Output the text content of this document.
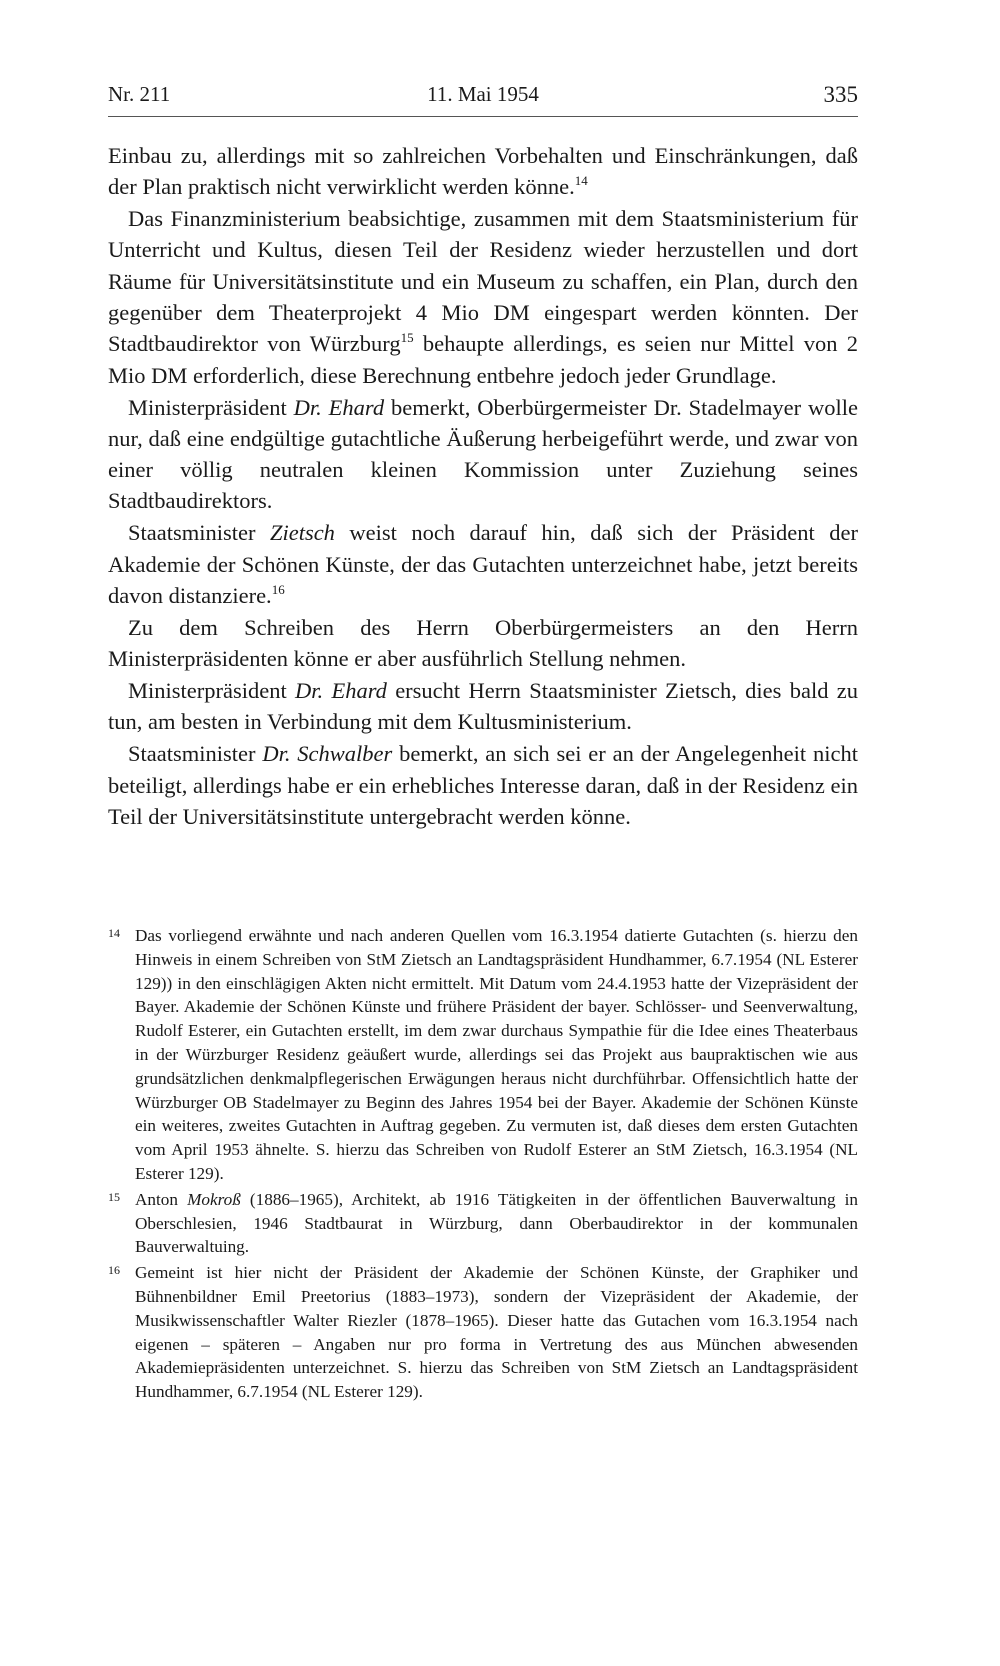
Nr. 211	11. Mai 1954	335

Einbau zu, allerdings mit so zahlreichen Vorbehalten und Einschränkungen, daß der Plan praktisch nicht verwirklicht werden könne.$^{14}$

Das Finanzministerium beabsichtige, zusammen mit dem Staatsministerium für Unterricht und Kultus, diesen Teil der Residenz wieder herzustellen und dort Räume für Universitätsinstitute und ein Museum zu schaffen, ein Plan, durch den gegenüber dem Theaterprojekt 4 Mio DM eingespart werden könnten. Der Stadtbaudirektor von Würzburg$^{15}$ behaupte allerdings, es seien nur Mittel von 2 Mio DM erforderlich, diese Berechnung entbehre jedoch jeder Grundlage.

Ministerpräsident Dr. Ehard bemerkt, Oberbürgermeister Dr. Stadelmayer wolle nur, daß eine endgültige gutachtliche Äußerung herbeigeführt werde, und zwar von einer völlig neutralen kleinen Kommission unter Zuziehung seines Stadtbaudirektors.

Staatsminister Zietsch weist noch darauf hin, daß sich der Präsident der Akademie der Schönen Künste, der das Gutachten unterzeichnet habe, jetzt bereits davon distanziere.$^{16}$

Zu dem Schreiben des Herrn Oberbürgermeisters an den Herrn Ministerpräsidenten könne er aber ausführlich Stellung nehmen.

Ministerpräsident Dr. Ehard ersucht Herrn Staatsminister Zietsch, dies bald zu tun, am besten in Verbindung mit dem Kultusministerium.

Staatsminister Dr. Schwalber bemerkt, an sich sei er an der Angelegenheit nicht beteiligt, allerdings habe er ein erhebliches Interesse daran, daß in der Residenz ein Teil der Universitätsinstitute untergebracht werden könne.

14 Das vorliegend erwähnte und nach anderen Quellen vom 16.3.1954 datierte Gutachten (s. hierzu den Hinweis in einem Schreiben von StM Zietsch an Landtagspräsident Hundhammer, 6.7.1954 (NL Esterer 129)) in den einschlägigen Akten nicht ermittelt. Mit Datum vom 24.4.1953 hatte der Vizepräsident der Bayer. Akademie der Schönen Künste und frühere Präsident der bayer. Schlösser- und Seenverwaltung, Rudolf Esterer, ein Gutachten erstellt, im dem zwar durchaus Sympathie für die Idee eines Theaterbaus in der Würzburger Residenz geäußert wurde, allerdings sei das Projekt aus baupraktischen wie aus grundsätzlichen denkmalpflegerischen Erwägungen heraus nicht durchführbar. Offensichtlich hatte der Würzburger OB Stadelmayer zu Beginn des Jahres 1954 bei der Bayer. Akademie der Schönen Künste ein weiteres, zweites Gutachten in Auftrag gegeben. Zu vermuten ist, daß dieses dem ersten Gutachten vom April 1953 ähnelte. S. hierzu das Schreiben von Rudolf Esterer an StM Zietsch, 16.3.1954 (NL Esterer 129).
15 Anton Mokroß (1886–1965), Architekt, ab 1916 Tätigkeiten in der öffentlichen Bauverwaltung in Oberschlesien, 1946 Stadtbaurat in Würzburg, dann Oberbaudirektor in der kommunalen Bauverwaltuing.
16 Gemeint ist hier nicht der Präsident der Akademie der Schönen Künste, der Graphiker und Bühnenbildner Emil Preetorius (1883–1973), sondern der Vizepräsident der Akademie, der Musikwissenschaftler Walter Riezler (1878–1965). Dieser hatte das Gutachen vom 16.3.1954 nach eigenen – späteren – Angaben nur pro forma in Vertretung des aus München abwesenden Akademiepräsidenten unterzeichnet. S. hierzu das Schreiben von StM Zietsch an Landtagspräsident Hundhammer, 6.7.1954 (NL Esterer 129).
